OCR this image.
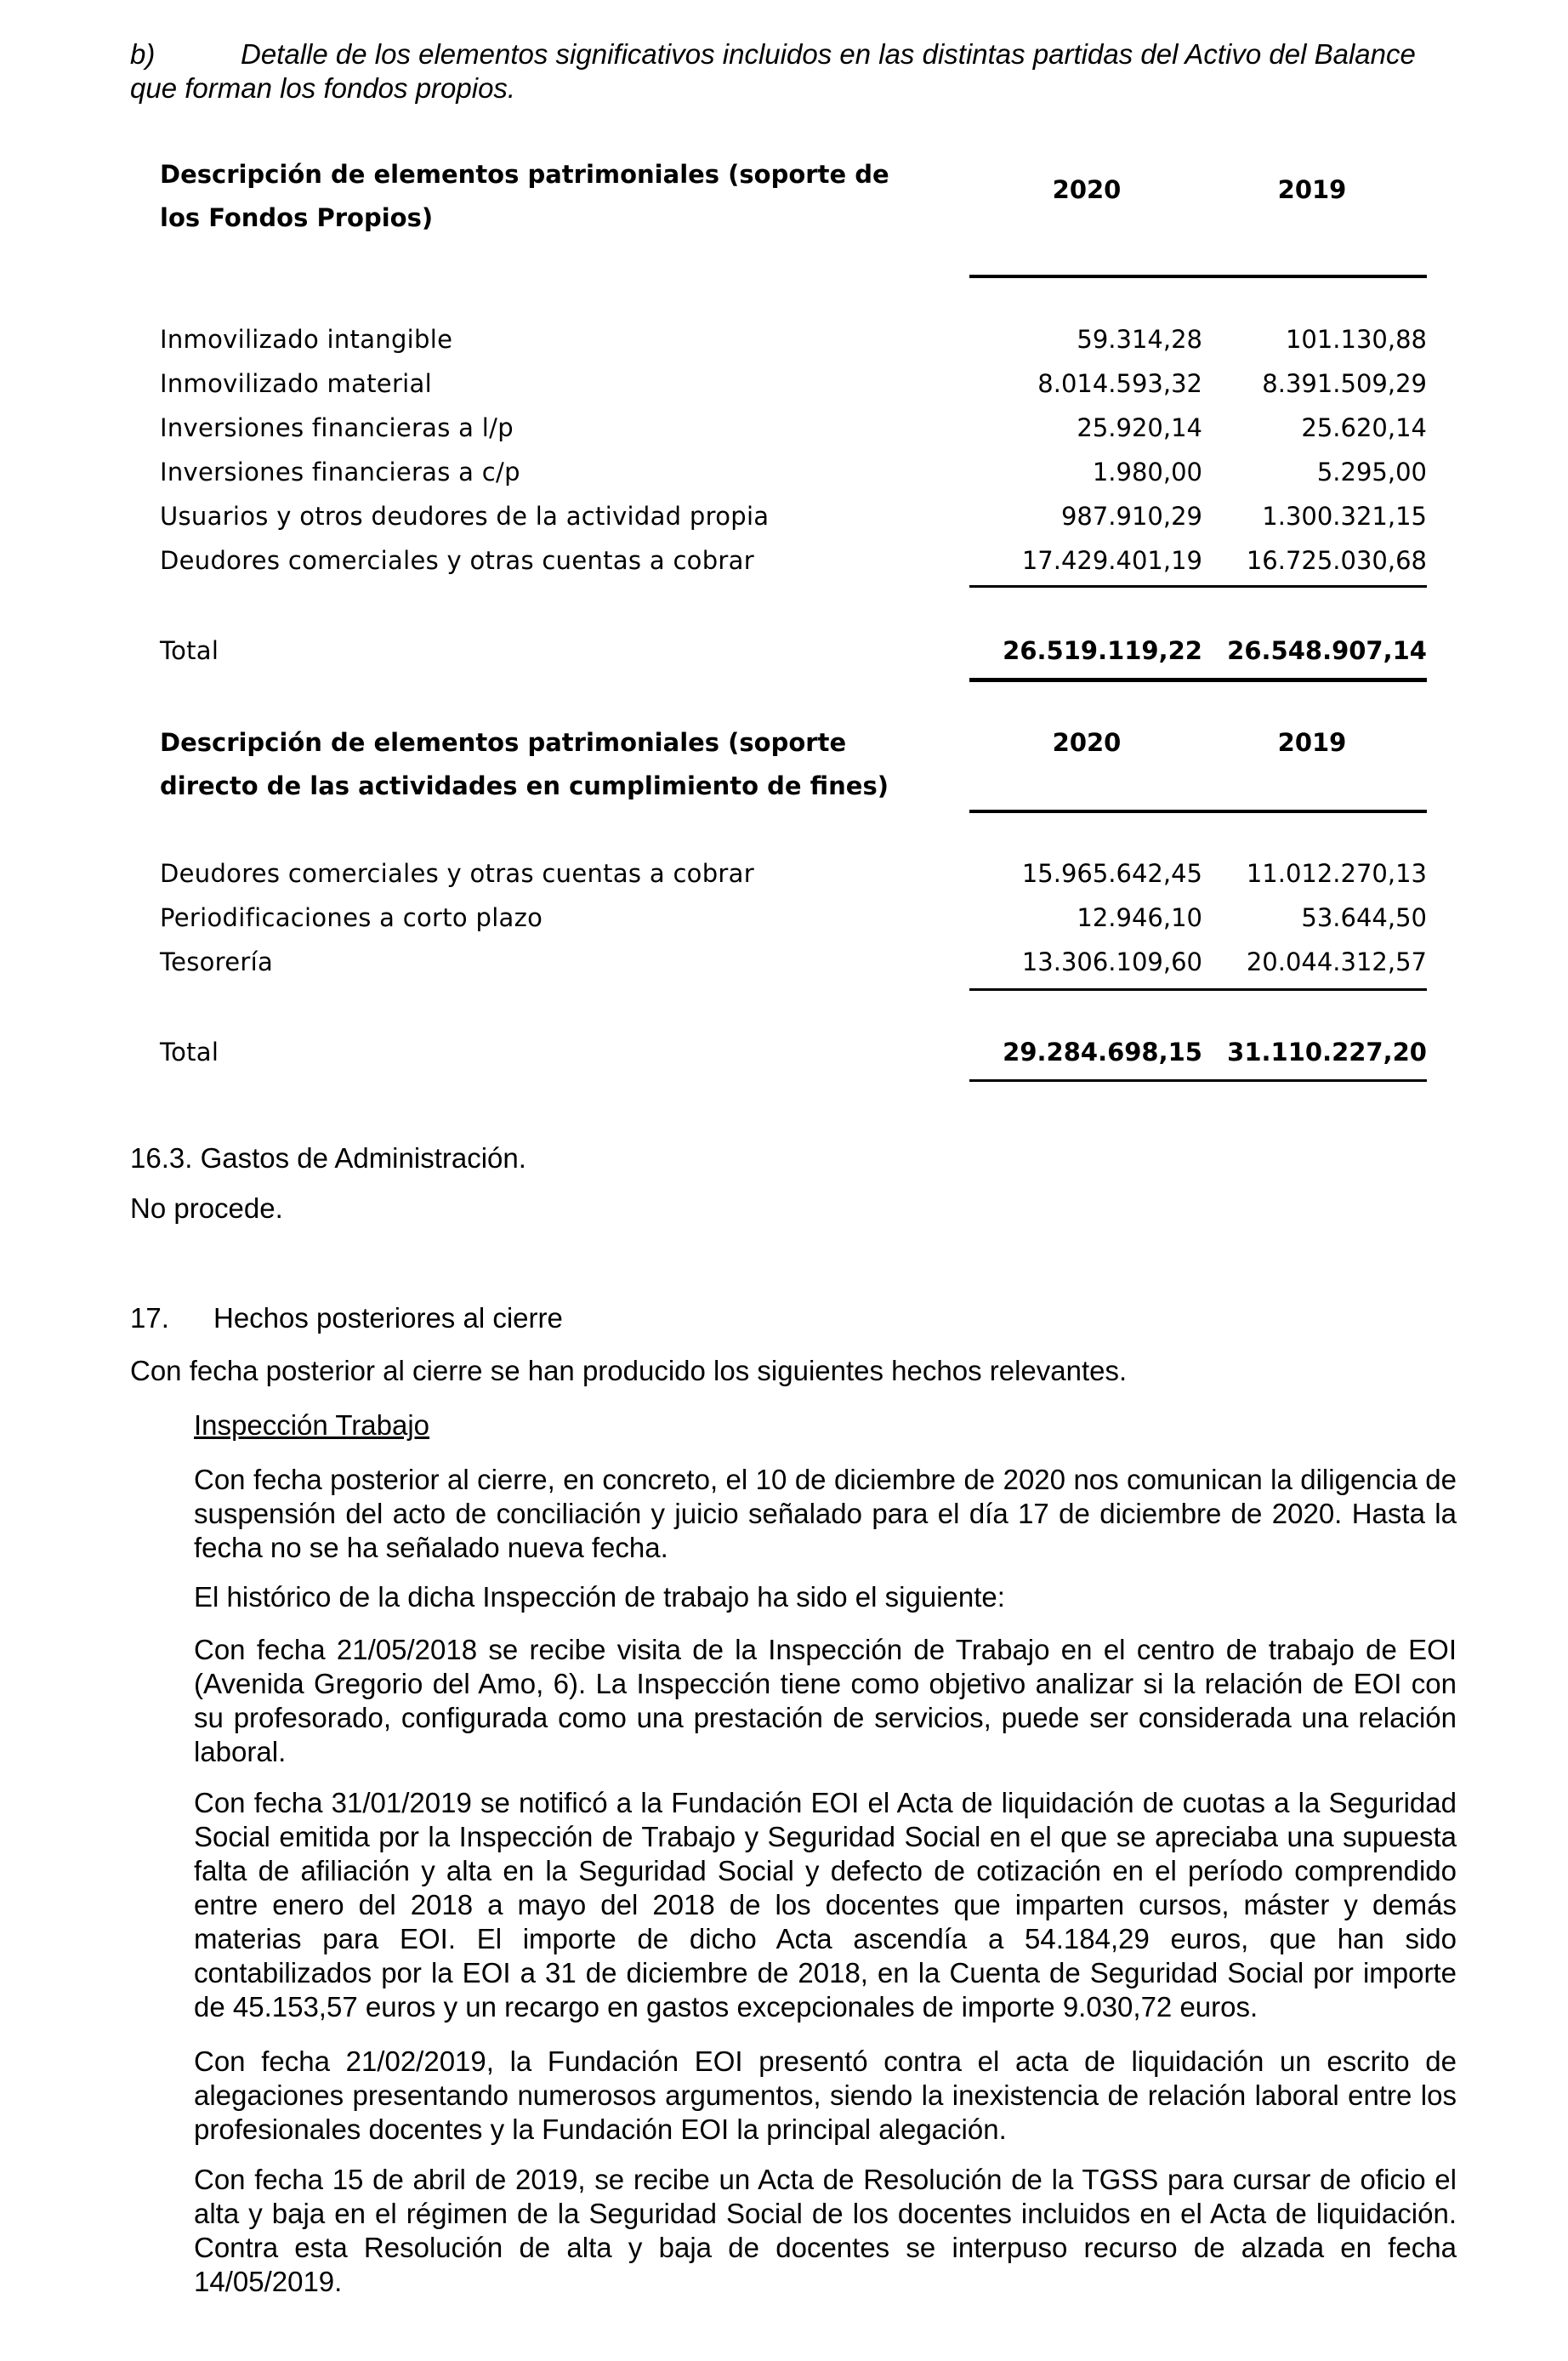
b)	Detalle de los elementos significativos incluidos en las distintas partidas del Activo del Balance
que forman los fondos propios.
Descripción de elementos patrimoniales (soporte de los Fondos Propios)
2020	2019
Inmovilizado intangible	59.314,28	101.130,88
Inmovilizado material	8.014.593,32 8.391.509,29
Inversiones financieras a l/p	25.920,14	25.620,14
Inversiones financieras a c/p	1.980,00	5.295,00
Usuarios y otros deudores de la actividad propia	987.910,29 1.300.321,15
Deudores comerciales y otras cuentas a cobrar	17.429.401,19 16.725.030,68
Total	26.519.119,22 26.548.907,14
Descripción de elementos patrimoniales (soporte directo de las actividades en cumplimiento de fines)
2020	2019
Deudores comerciales y otras cuentas a cobrar	15.965.642,45 11.012.270,13
Periodificaciones a corto plazo	12.946,10	53.644,50
Tesorería	13.306.109,60 20.044.312,57
Total	29.284.698,15 31.110.227,20
16.3. Gastos de Administración.
No procede.
17. Hechos posteriores al cierre
Con fecha posterior al cierre se han producido los siguientes hechos relevantes.
Inspección Trabajo
Con fecha posterior al cierre, en concreto, el 10 de diciembre de 2020 nos comunican la diligencia de suspensión del acto de conciliación y juicio señalado para el día 17 de diciembre de 2020. Hasta la fecha no se ha señalado nueva fecha.
El histórico de la dicha Inspección de trabajo ha sido el siguiente:
Con fecha 21/05/2018 se recibe visita de la Inspección de Trabajo en el centro de trabajo de EOI (Avenida Gregorio del Amo, 6). La Inspección tiene como objetivo analizar si la relación de EOI con su profesorado, configurada como una prestación de servicios, puede ser considerada una relación laboral.
Con fecha 31/01/2019 se notificó a la Fundación EOI el Acta de liquidación de cuotas a la Seguridad Social emitida por la Inspección de Trabajo y Seguridad Social en el que se apreciaba una supuesta falta de afiliación y alta en la Seguridad Social y defecto de cotización en el período comprendido entre enero del 2018 a mayo del 2018 de los docentes que imparten cursos, máster y demás materias para EOI. El importe de dicho Acta ascendía a 54.184,29 euros, que han sido contabilizados por la EOI a 31 de diciembre de 2018, en la Cuenta de Seguridad Social por importe de 45.153,57 euros y un recargo en gastos excepcionales de importe 9.030,72 euros.
Con fecha 21/02/2019, la Fundación EOI presentó contra el acta de liquidación un escrito de alegaciones presentando numerosos argumentos, siendo la inexistencia de relación laboral entre los profesionales docentes y la Fundación EOI la principal alegación.
Con fecha 15 de abril de 2019, se recibe un Acta de Resolución de la TGSS para cursar de oficio el alta y baja en el régimen de la Seguridad Social de los docentes incluidos en el Acta de liquidación. Contra esta Resolución de alta y baja de docentes se interpuso recurso de alzada en fecha 14/05/2019.
